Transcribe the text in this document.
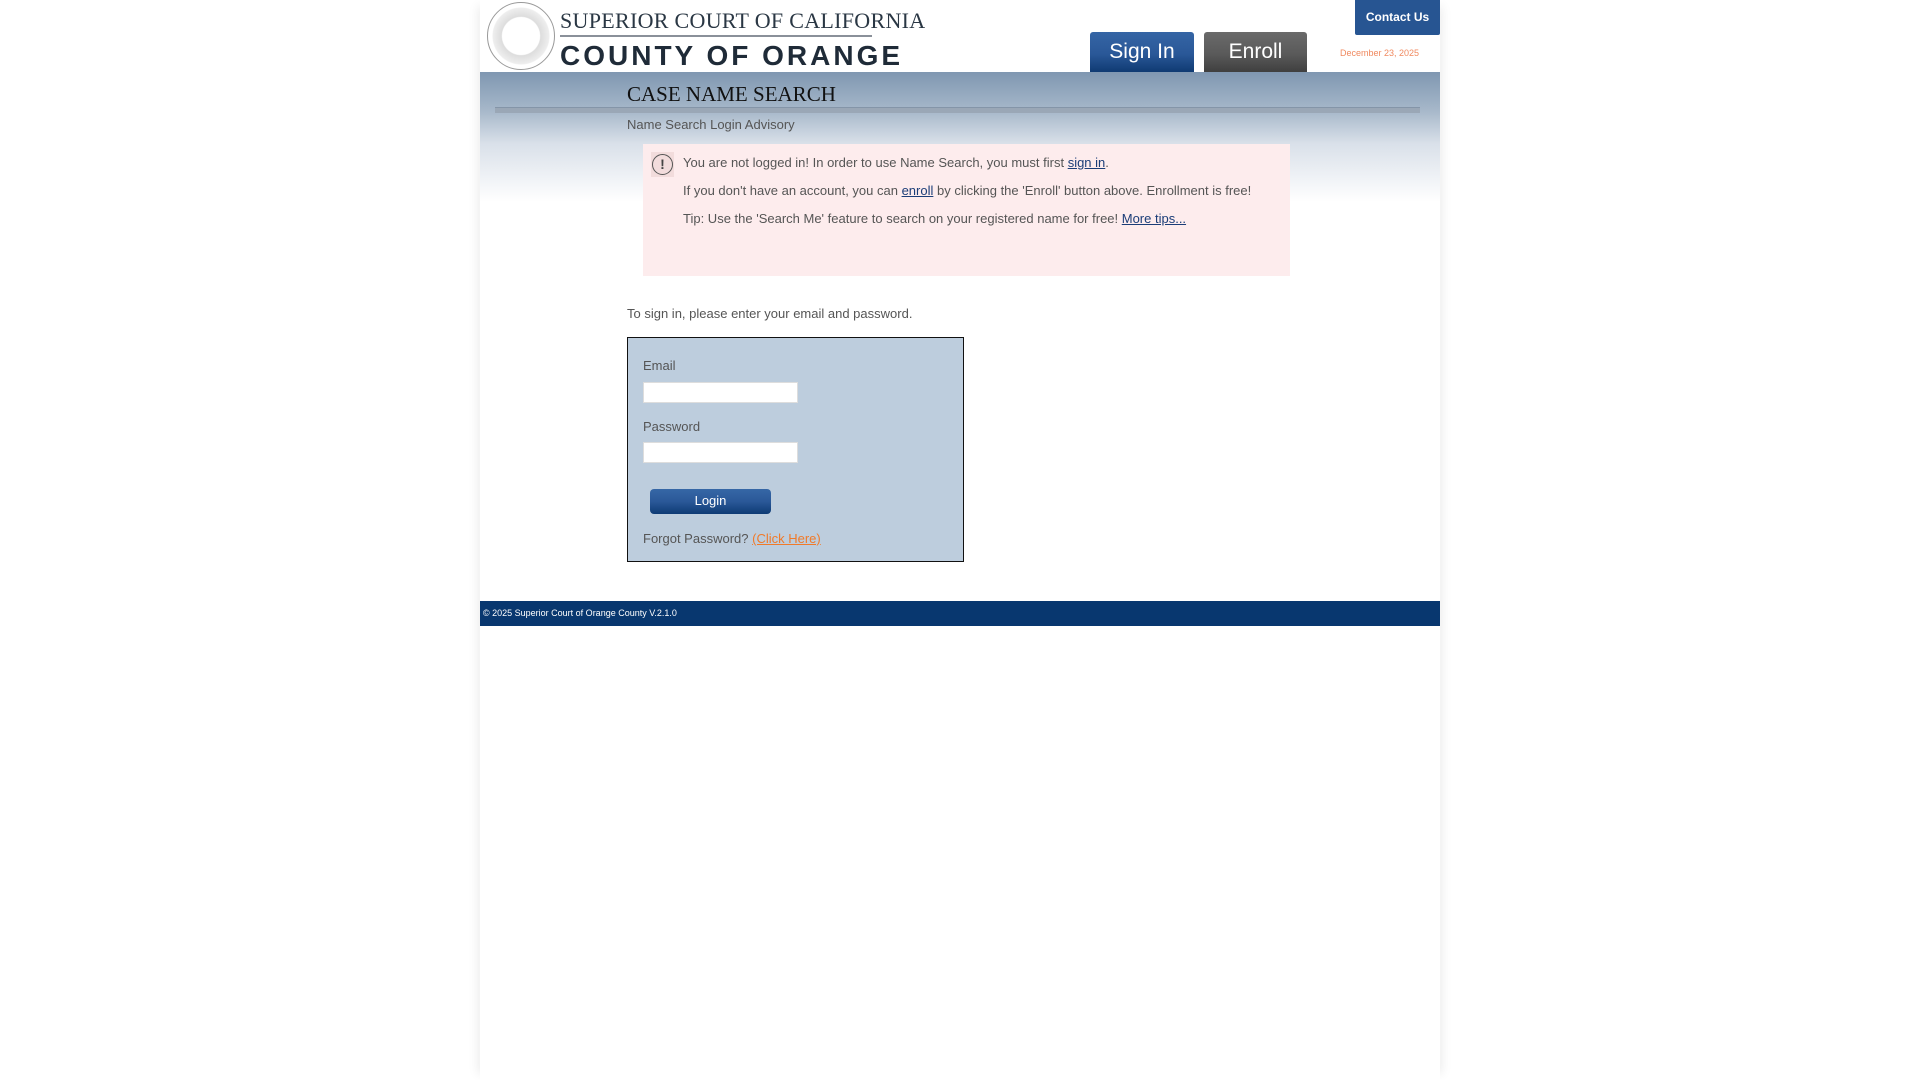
SUPERIOR COURT OF CALIFORNIA
COUNTY OF ORANGE	Sign In	Enroll
Contact Us
December 23, 2025
CASE NAME SEARCH
Name Search Login Advisory
!	You are not logged in! In order to use Name Search, you must first sign in.
If you don't have an account, you can enroll by clicking the 'Enroll' button above. Enrollment is free!
Tip: Use the 'Search Me' feature to search on your registered name for free! More tips...
To sign in, please enter your email and password.
Email
Password
Login
Forgot Password? (Click Here)
© 2025 Superior Court of Orange County V.2.1.0
